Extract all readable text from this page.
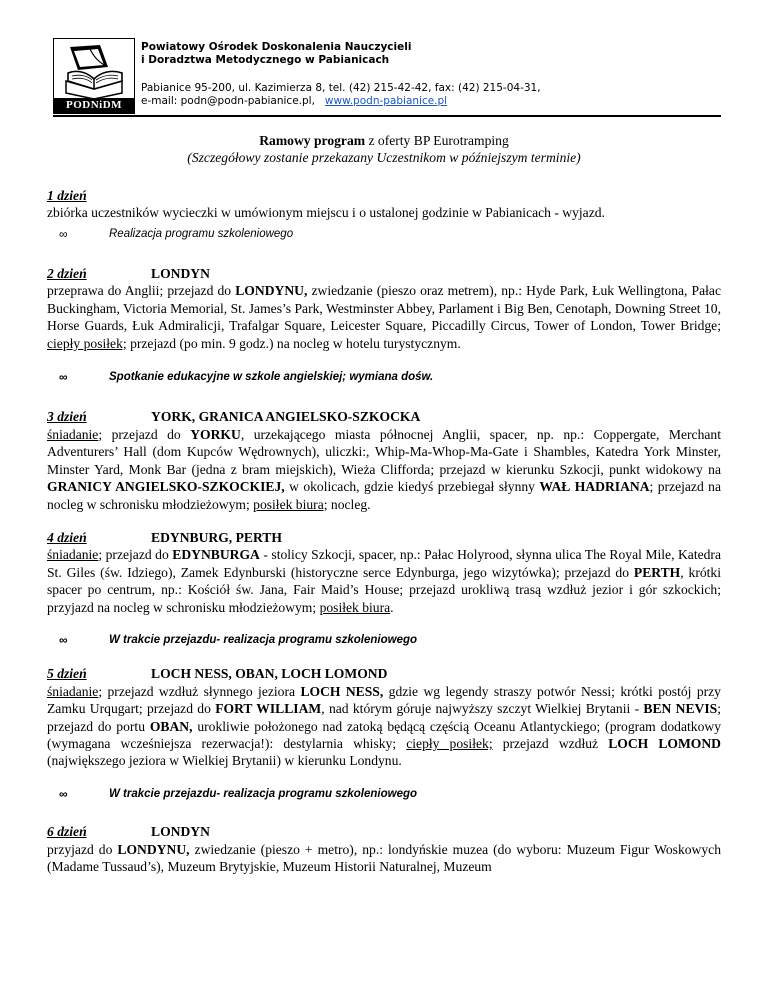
PODNiDM
Powiatowy Ośrodek Doskonalenia Nauczycieli
i Doradztwa Metodycznego w Pabianicach
Pabianice 95-200, ul. Kazimierza 8, tel. (42) 215-42-42, fax: (42) 215-04-31,
e-mail: podn@podn-pabianice.pl, www.podn-pabianice.pl

Ramowy program z oferty BP Eurotramping

(Szczegółowy zostanie przekazany Uczestnikom w późniejszym terminie)

1 dzień

zbiórka uczestników wycieczki w umówionym miejscu i o ustalonej godzinie w Pabianicach - wyjazd.

∞	Realizacja programu szkoleniowego
2 dzień	LONDYN

przeprawa do Anglii; przejazd do LONDYNU, zwiedzanie (pieszo oraz metrem), np.: Hyde Park, Łuk Wellingtona, Pałac Buckingham, Victoria Memorial, St. James’s Park, Westminster Abbey, Parlament i Big Ben, Cenotaph, Downing Street 10, Horse Guards, Łuk Admiralicji, Trafalgar Square, Leicester Square, Piccadilly Circus, Tower of London, Tower Bridge; ciepły posiłek; przejazd (po min. 9 godz.) na nocleg w hotelu turystycznym.

∞	Spotkanie edukacyjne w szkole angielskiej; wymiana dośw.
3 dzień	YORK, GRANICA ANGIELSKO-SZKOCKA

śniadanie; przejazd do YORKU, urzekającego miasta północnej Anglii, spacer, np. np.: Coppergate, Merchant Adventurers’ Hall (dom Kupców Wędrownych), uliczki:, Whip-Ma-Whop-Ma-Gate i Shambles, Katedra York Minster, Minster Yard, Monk Bar (jedna z bram miejskich), Wieża Clifforda; przejazd w kierunku Szkocji, punkt widokowy na GRANICY ANGIELSKO-SZKOCKIEJ, w okolicach, gdzie kiedyś przebiegał słynny WAŁ HADRIANA; przejazd na nocleg w schronisku młodzieżowym; posiłek biura; nocleg.

4 dzień	EDYNBURG, PERTH

śniadanie; przejazd do EDYNBURGA - stolicy Szkocji, spacer, np.: Pałac Holyrood, słynna ulica The Royal Mile, Katedra St. Giles (św. Idziego), Zamek Edynburski (historyczne serce Edynburga, jego wizytówka); przejazd do PERTH, krótki spacer po centrum, np.: Kościół św. Jana, Fair Maid’s House; przejazd urokliwą trasą wzdłuż jezior i gór szkockich; przyjazd na nocleg w schronisku młodzieżowym; posiłek biura.

∞	W trakcie przejazdu- realizacja programu szkoleniowego
5 dzień	LOCH NESS, OBAN, LOCH LOMOND

śniadanie; przejazd wzdłuż słynnego jeziora LOCH NESS, gdzie wg legendy straszy potwór Nessi; krótki postój przy Zamku Urqugart; przejazd do FORT WILLIAM, nad którym góruje najwyższy szczyt Wielkiej Brytanii - BEN NEVIS; przejazd do portu OBAN, urokliwie położonego nad zatoką będącą częścią Oceanu Atlantyckiego; (program dodatkowy (wymagana wcześniejsza rezerwacja!): destylarnia whisky; ciepły posiłek; przejazd wzdłuż LOCH LOMOND (największego jeziora w Wielkiej Brytanii) w kierunku Londynu.

∞	W trakcie przejazdu- realizacja programu szkoleniowego
6 dzień	LONDYN

przyjazd do LONDYNU, zwiedzanie (pieszo + metro), np.: londyńskie muzea (do wyboru: Muzeum Figur Woskowych (Madame Tussaud’s), Muzeum Brytyjskie, Muzeum Historii Naturalnej, Muzeum
